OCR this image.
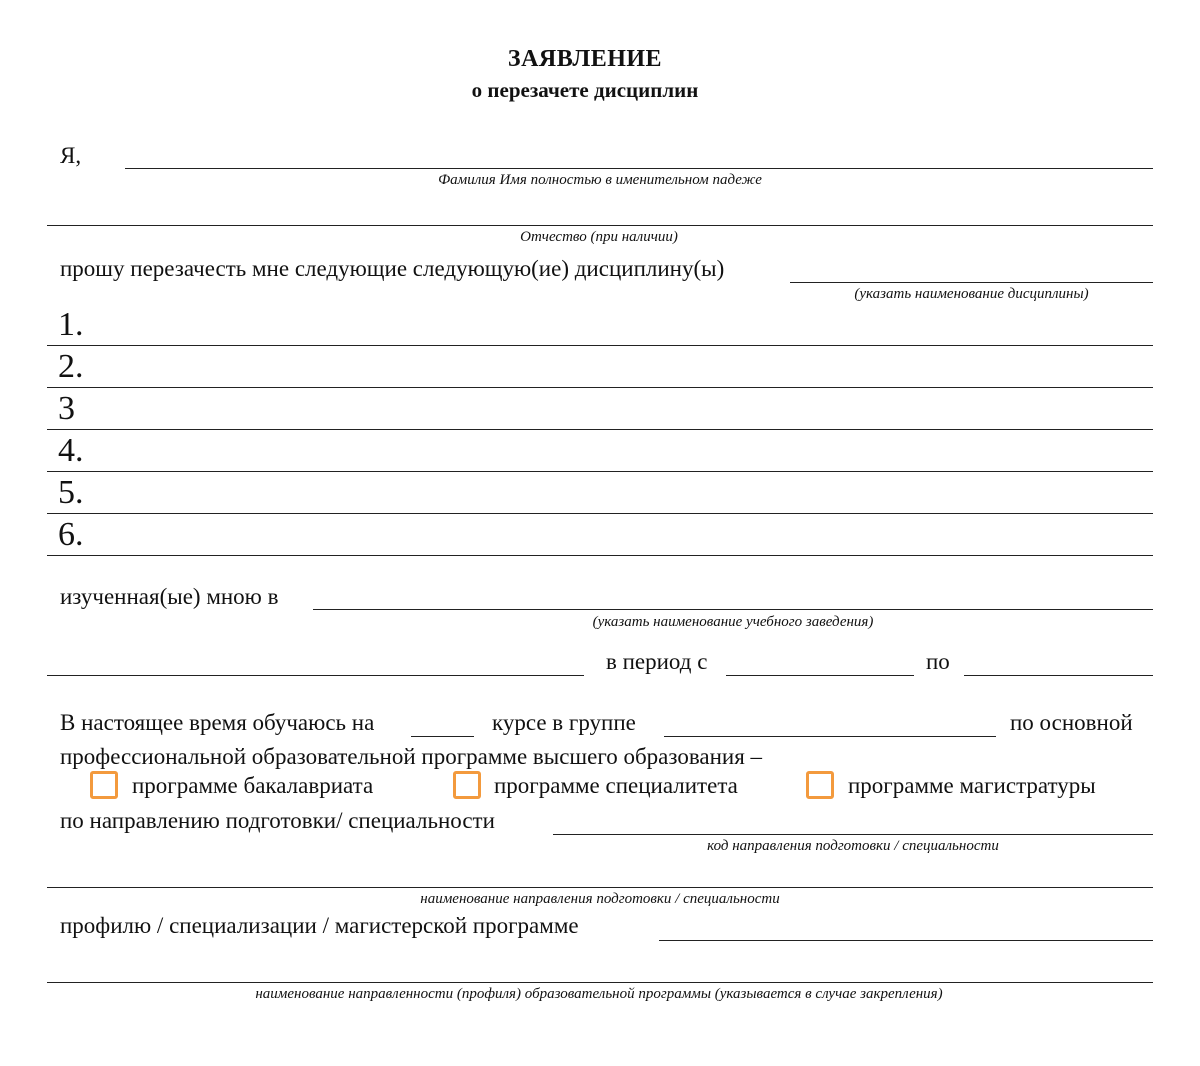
ЗАЯВЛЕНИЕ
о перезачете дисциплин
Я,
Фамилия Имя полностью в именительном падеже
Отчество (при наличии)
прошу перезачесть мне следующие следующую(ие) дисциплину(ы)
(указать наименование дисциплины)
1.
2.
3
4.
5.
6.
изученная(ые) мною в
(указать наименование учебного заведения)
в период с	по
В настоящее время обучаюсь на	курсе в группе	по основной
профессиональной образовательной программе высшего образования –
программе бакалавриата	программе специалитета	программе магистратуры
по направлению подготовки/ специальности
код направления подготовки / специальности
наименование направления подготовки / специальности
профилю / специализации / магистерской программе
наименование направленности (профиля) образовательной программы (указывается в случае закрепления)
